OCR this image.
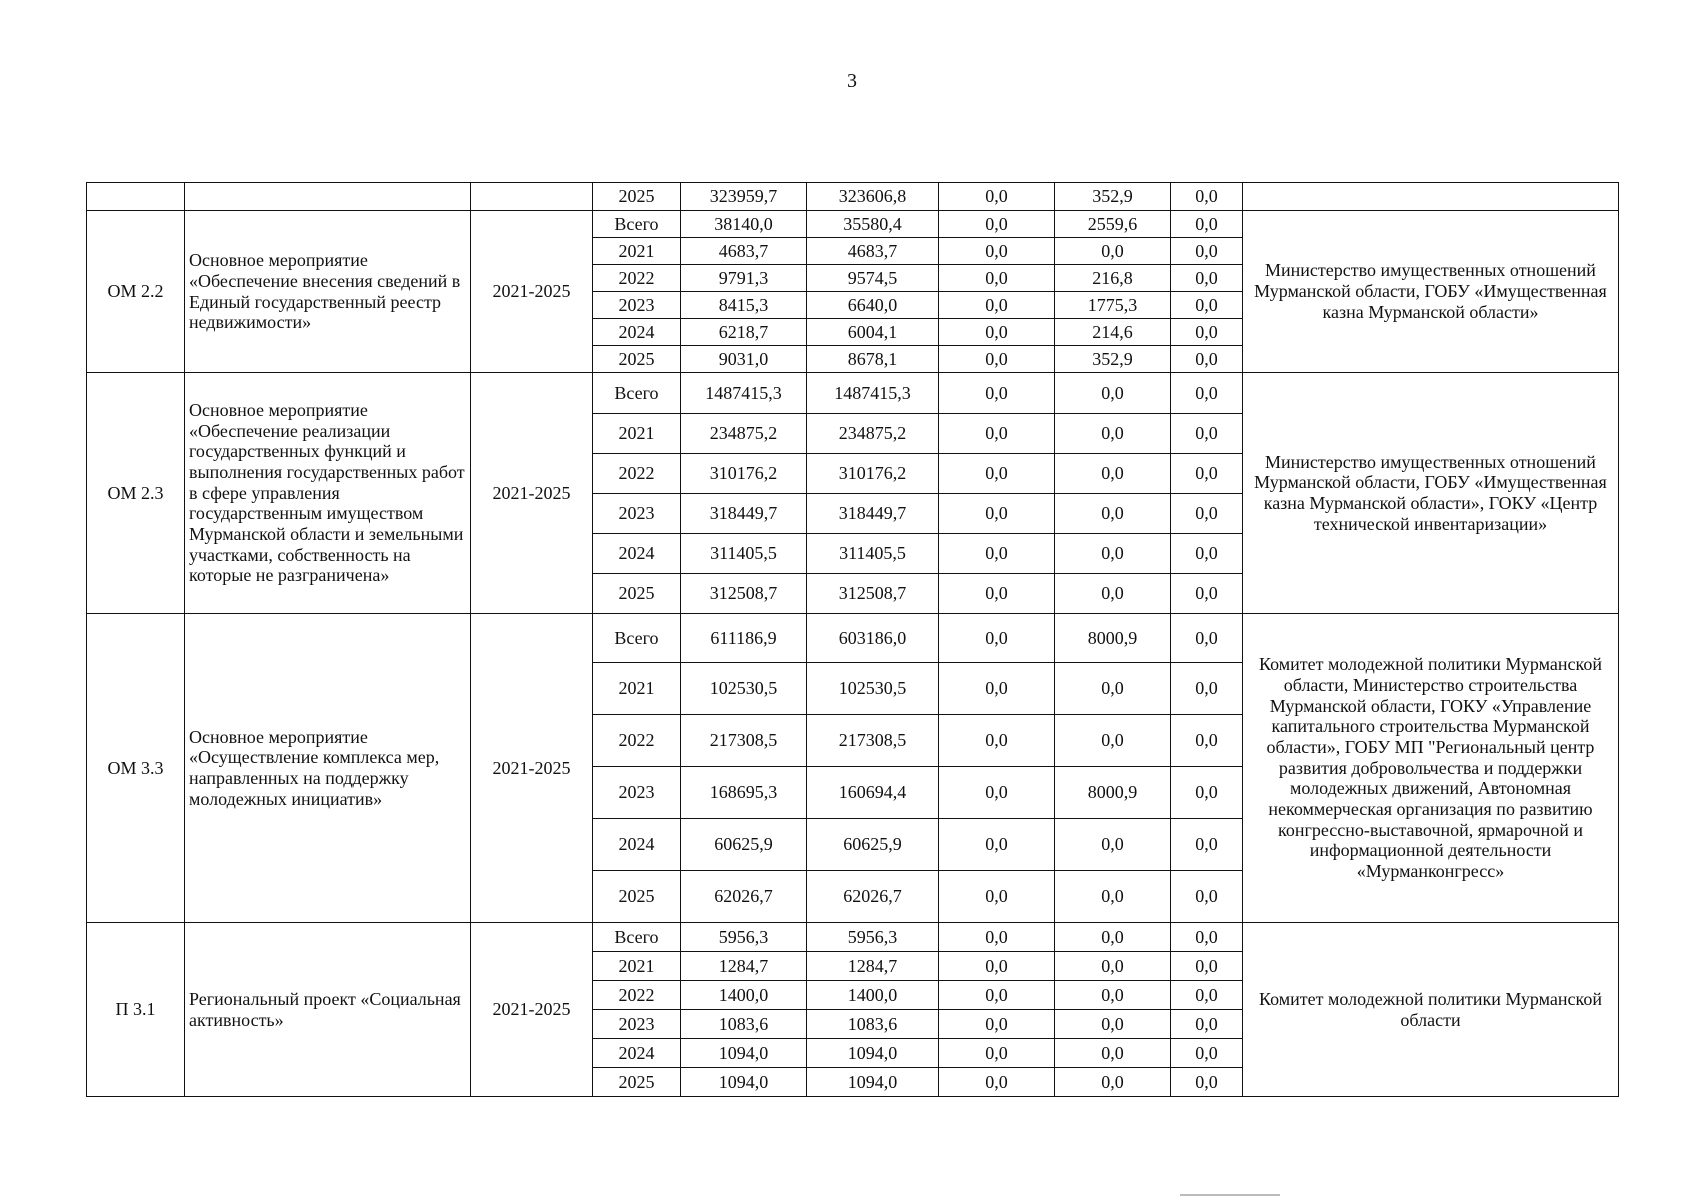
3
			2025	323959,7	323606,8	0,0	352,9	0,0	
ОМ 2.2	Основное мероприятие «Обеспечение внесения сведений в Единый государственный реестр недвижимости»	2021-2025	Всего	38140,0	35580,4	0,0	2559,6	0,0	Министерство имущественных отношений Мурманской области, ГОБУ «Имущественная казна Мурманской области»
			2021	4683,7	4683,7	0,0	0,0	0,0	
			2022	9791,3	9574,5	0,0	216,8	0,0	
			2023	8415,3	6640,0	0,0	1775,3	0,0	
			2024	6218,7	6004,1	0,0	214,6	0,0	
			2025	9031,0	8678,1	0,0	352,9	0,0	
ОМ 2.3	Основное мероприятие «Обеспечение реализации государственных функций и выполнения государственных работ в сфере управления государственным имуществом Мурманской области и земельными участками, собственность на которые не разграничена»	2021-2025	Всего	1487415,3	1487415,3	0,0	0,0	0,0	Министерство имущественных отношений Мурманской области, ГОБУ «Имущественная казна Мурманской области», ГОКУ «Центр технической инвентаризации»
			2021	234875,2	234875,2	0,0	0,0	0,0	
			2022	310176,2	310176,2	0,0	0,0	0,0	
			2023	318449,7	318449,7	0,0	0,0	0,0	
			2024	311405,5	311405,5	0,0	0,0	0,0	
			2025	312508,7	312508,7	0,0	0,0	0,0	
ОМ 3.3	Основное мероприятие «Осуществление комплекса мер, направленных на поддержку молодежных инициатив»	2021-2025	Всего	611186,9	603186,0	0,0	8000,9	0,0	Комитет молодежной политики Мурманской области, Министерство строительства Мурманской области, ГОКУ «Управление капитального строительства Мурманской области», ГОБУ МП "Региональный центр развития добровольчества и поддержки молодежных движений, Автономная некоммерческая организация по развитию конгрессно-выставочной, ярмарочной и информационной деятельности «Мурманконгресс»
			2021	102530,5	102530,5	0,0	0,0	0,0	
			2022	217308,5	217308,5	0,0	0,0	0,0	
			2023	168695,3	160694,4	0,0	8000,9	0,0	
			2024	60625,9	60625,9	0,0	0,0	0,0	
			2025	62026,7	62026,7	0,0	0,0	0,0	
П 3.1	Региональный проект «Социальная активность»	2021-2025	Всего	5956,3	5956,3	0,0	0,0	0,0	Комитет молодежной политики Мурманской области
			2021	1284,7	1284,7	0,0	0,0	0,0	
			2022	1400,0	1400,0	0,0	0,0	0,0	
			2023	1083,6	1083,6	0,0	0,0	0,0	
			2024	1094,0	1094,0	0,0	0,0	0,0	
			2025	1094,0	1094,0	0,0	0,0	0,0	
